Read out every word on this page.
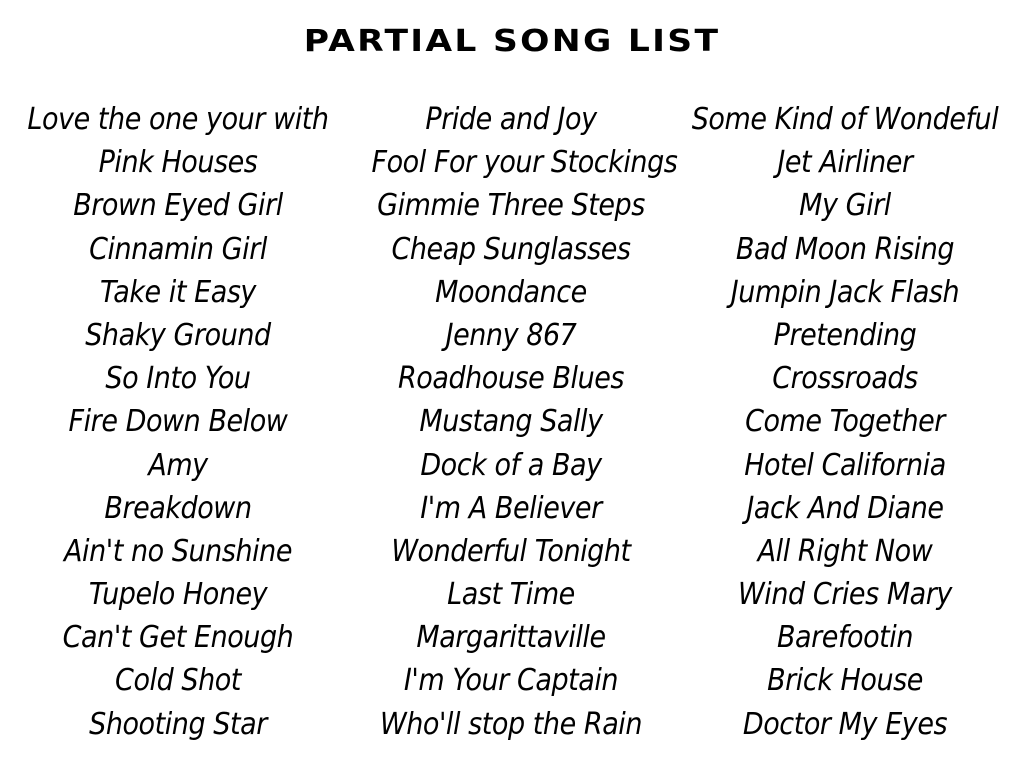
PARTIAL SONG LIST
Love the one your with	Pride and Joy	Some Kind of Wondeful
Pink Houses	Fool For your Stockings	Jet Airliner
Brown Eyed Girl	Gimmie Three Steps	My Girl
Cinnamin Girl	Cheap Sunglasses	Bad Moon Rising
Take it Easy	Moondance	Jumpin Jack Flash
Shaky Ground	Jenny 867	Pretending
So Into You	Roadhouse Blues	Crossroads
Fire Down Below	Mustang Sally	Come Together
Amy	Dock of a Bay	Hotel California
Breakdown	I'm A Believer	Jack And Diane
Ain't no Sunshine	Wonderful Tonight	All Right Now
Tupelo Honey	Last Time	Wind Cries Mary
Can't Get Enough	Margarittaville	Barefootin
Cold Shot	I'm Your Captain	Brick House
Shooting Star	Who'll stop the Rain	Doctor My Eyes
